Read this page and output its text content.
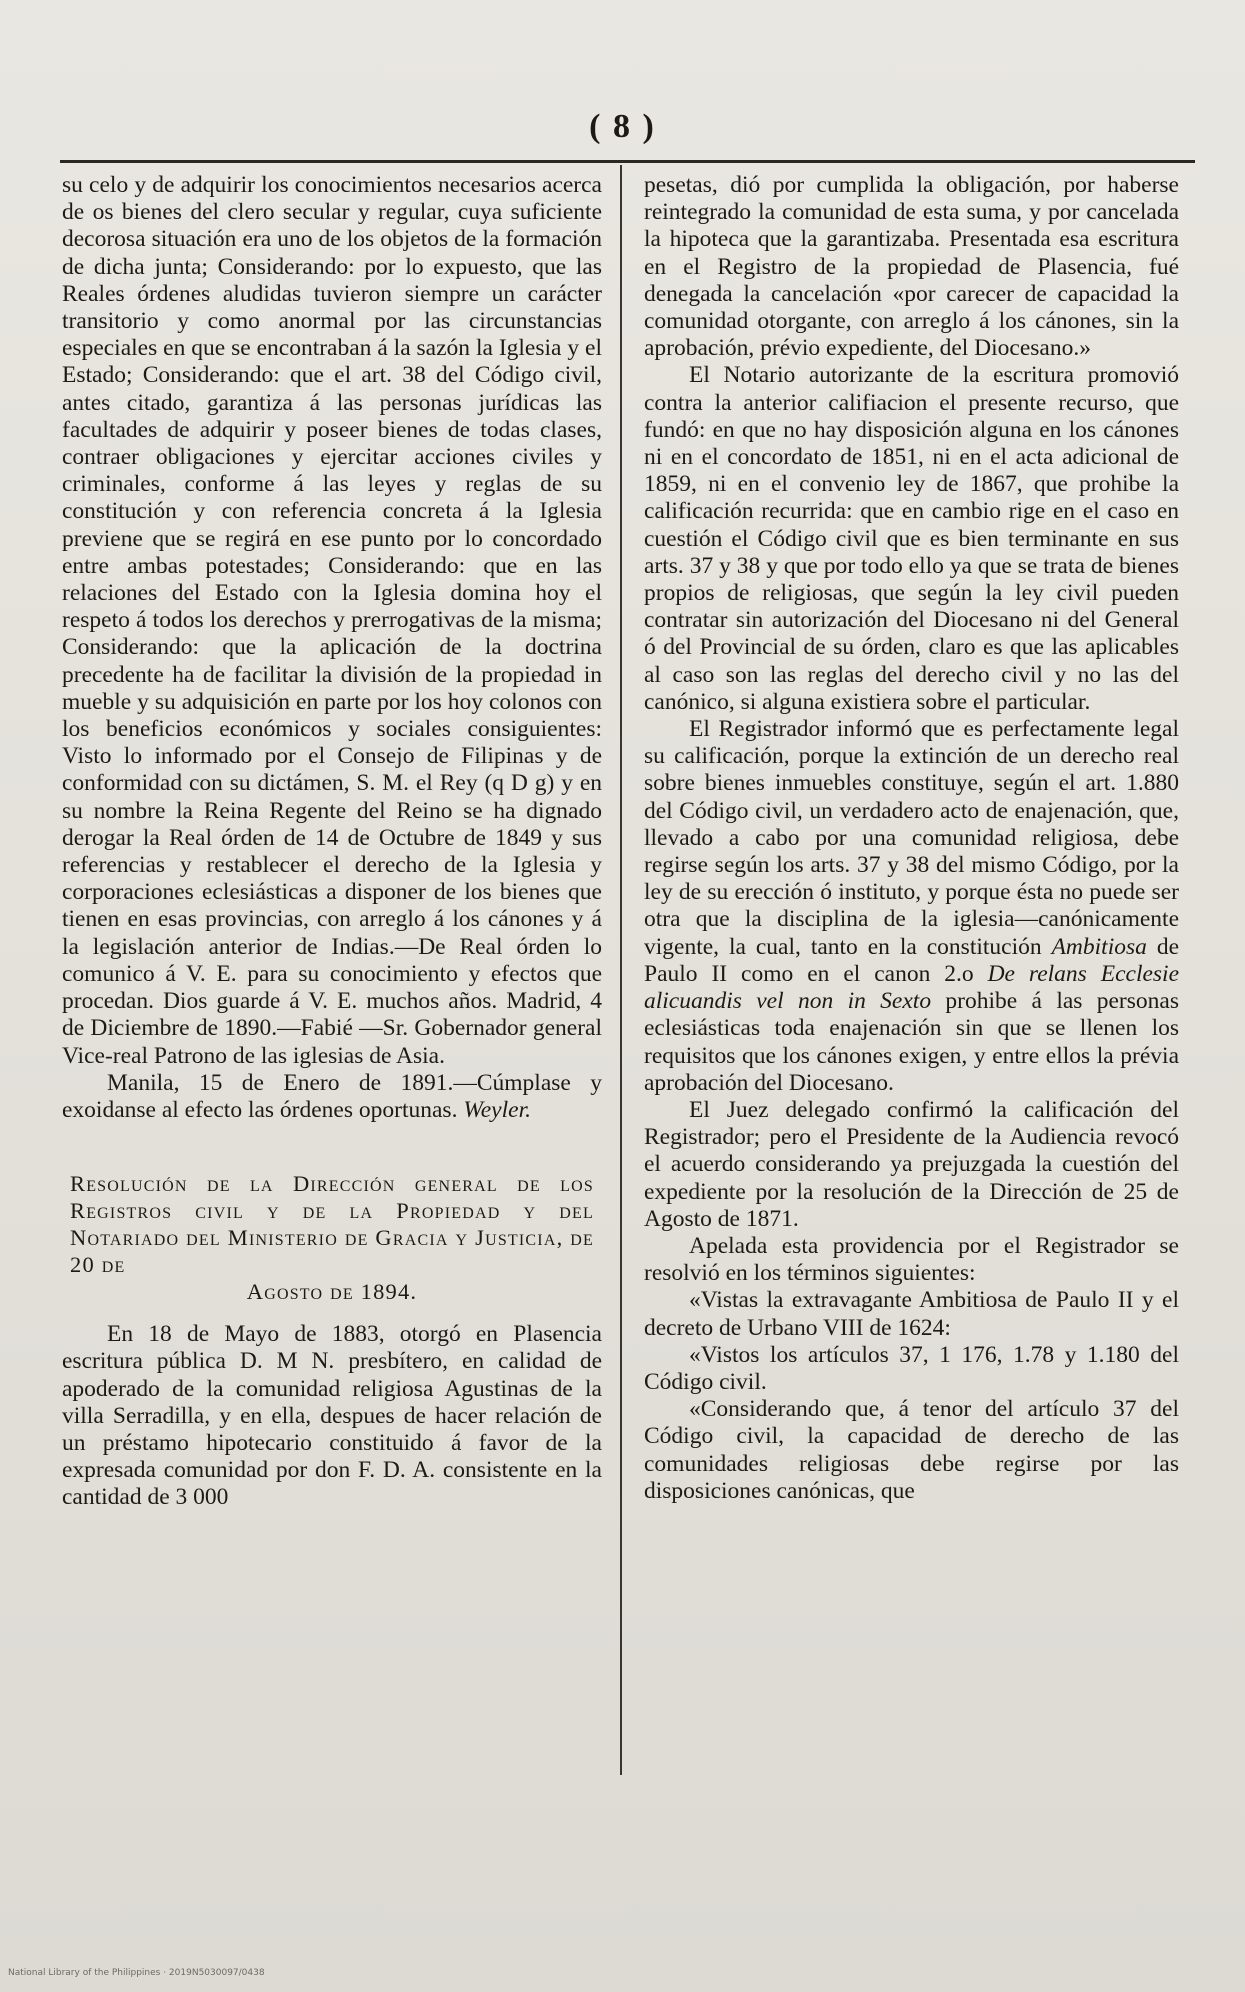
( 8 )

su celo y de adquirir los conocimientos necesarios acerca de os bienes del clero secular y regular, cuya suficiente decorosa situación era uno de los objetos de la formación de dicha junta; Considerando: por lo expuesto, que las Reales órdenes aludidas tuvieron siempre un carácter transitorio y como anormal por las circunstancias especiales en que se encontraban á la sazón la Iglesia y el Estado; Considerando: que el art. 38 del Código civil, antes citado, garantiza á las personas jurídicas las facultades de adquirir y poseer bienes de todas clases, contraer obligaciones y ejercitar acciones civiles y criminales, conforme á las leyes y reglas de su constitución y con referencia concreta á la Iglesia previene que se regirá en ese punto por lo concordado entre ambas potestades; Considerando: que en las relaciones del Estado con la Iglesia domina hoy el respeto á todos los derechos y prerrogativas de la misma; Considerando: que la aplicación de la doctrina precedente ha de facilitar la división de la propiedad in mueble y su adquisición en parte por los hoy colonos con los beneficios económicos y sociales consiguientes: Visto lo informado por el Consejo de Filipinas y de conformidad con su dictámen, S. M. el Rey (q D g) y en su nombre la Reina Regente del Reino se ha dignado derogar la Real órden de 14 de Octubre de 1849 y sus referencias y restablecer el derecho de la Iglesia y corporaciones eclesiásticas a disponer de los bienes que tienen en esas provincias, con arreglo á los cánones y á la legislación anterior de Indias.—De Real órden lo comunico á V. E. para su conocimiento y efectos que procedan. Dios guarde á V. E. muchos años. Madrid, 4 de Diciembre de 1890.—Fabié —Sr. Gobernador general Vice-real Patrono de las iglesias de Asia.

Manila, 15 de Enero de 1891.—Cúmplase y exoidanse al efecto las órdenes oportunas. Weyler.

Resolución de la Dirección general de los Registros civil y de la Propiedad y del Notariado del Ministerio de Gracia y Justicia, de 20 de
Agosto de 1894.

En 18 de Mayo de 1883, otorgó en Plasencia escritura pública D. M N. presbítero, en calidad de apoderado de la comunidad religiosa Agustinas de la villa Serradilla, y en ella, despues de hacer relación de un préstamo hipotecario constituido á favor de la expresada comunidad por don F. D. A. consistente en la cantidad de 3 000

pesetas, dió por cumplida la obligación, por haberse reintegrado la comunidad de esta suma, y por cancelada la hipoteca que la garantizaba. Presentada esa escritura en el Registro de la propiedad de Plasencia, fué denegada la cancelación «por carecer de capacidad la comunidad otorgante, con arreglo á los cánones, sin la aprobación, prévio expediente, del Diocesano.»

El Notario autorizante de la escritura promovió contra la anterior califiacion el presente recurso, que fundó: en que no hay disposición alguna en los cánones ni en el concordato de 1851, ni en el acta adicional de 1859, ni en el convenio ley de 1867, que prohibe la calificación recurrida: que en cambio rige en el caso en cuestión el Código civil que es bien terminante en sus arts. 37 y 38 y que por todo ello ya que se trata de bienes propios de religiosas, que según la ley civil pueden contratar sin autorización del Diocesano ni del General ó del Provincial de su órden, claro es que las aplicables al caso son las reglas del derecho civil y no las del canónico, si alguna existiera sobre el particular.

El Registrador informó que es perfectamente legal su calificación, porque la extinción de un derecho real sobre bienes inmuebles constituye, según el art. 1.880 del Código civil, un verdadero acto de enajenación, que, llevado a cabo por una comunidad religiosa, debe regirse según los arts. 37 y 38 del mismo Código, por la ley de su erección ó instituto, y porque ésta no puede ser otra que la disciplina de la iglesia—canónicamente vigente, la cual, tanto en la constitución Ambitiosa de Paulo II como en el canon 2.o De relans Ecclesie alicuandis vel non in Sexto prohibe á las personas eclesiásticas toda enajenación sin que se llenen los requisitos que los cánones exigen, y entre ellos la prévia aprobación del Diocesano.

El Juez delegado confirmó la calificación del Registrador; pero el Presidente de la Audiencia revocó el acuerdo considerando ya prejuzgada la cuestión del expediente por la resolución de la Dirección de 25 de Agosto de 1871.

Apelada esta providencia por el Registrador se resolvió en los términos siguientes:

«Vistas la extravagante Ambitiosa de Paulo II y el decreto de Urbano VIII de 1624:

«Vistos los artículos 37, 1 176, 1.78 y 1.180 del Código civil.

«Considerando que, á tenor del artículo 37 del Código civil, la capacidad de derecho de las comunidades religiosas debe regirse por las disposiciones canónicas, que

National Library of the Philippines · 2019N5030097/0438
